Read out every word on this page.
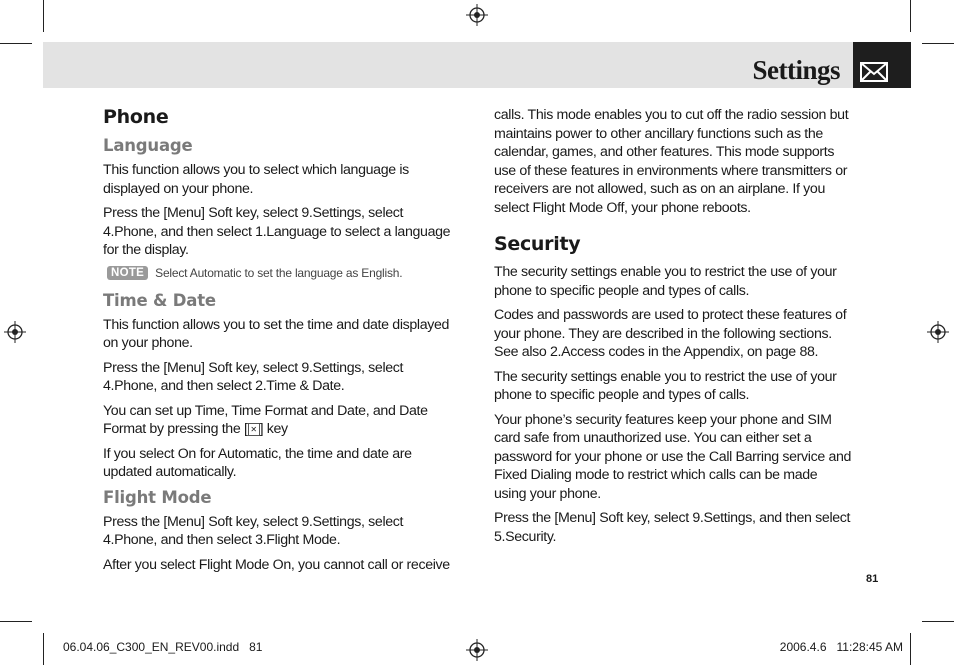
Settings
Phone
Language

This function allows you to select which language is displayed on your phone.

Press the [Menu] Soft key, select 9.Settings, select 4.Phone, and then select 1.Language to select a language for the display.

NOTE Select Automatic to set the language as English.
Time & Date

This function allows you to set the time and date displayed on your phone.

Press the [Menu] Soft key, select 9.Settings, select 4.Phone, and then select 2.Time & Date.

You can set up Time, Time Format and Date, and Date
Format by pressing the [ ✕ ] key

If you select On for Automatic, the time and date are updated automatically.

Flight Mode

Press the [Menu] Soft key, select 9.Settings, select 4.Phone, and then select 3.Flight Mode.

After you select Flight Mode On, you cannot call or receive

calls. This mode enables you to cut off the radio session but maintains power to other ancillary functions such as the calendar, games, and other features. This mode supports use of these features in environments where transmitters or receivers are not allowed, such as on an airplane. If you select Flight Mode Off, your phone reboots.

Security

The security settings enable you to restrict the use of your phone to specific people and types of calls.

Codes and passwords are used to protect these features of your phone. They are described in the following sections. See also 2.Access codes in the Appendix, on page 88.

The security settings enable you to restrict the use of your phone to specific people and types of calls.

Your phone’s security features keep your phone and SIM card safe from unauthorized use. You can either set a password for your phone or use the Call Barring service and Fixed Dialing mode to restrict which calls can be made using your phone.

Press the [Menu] Soft key, select 9.Settings, and then select 5.Security.

81
06.04.06_C300_EN_REV00.indd   81	2006.4.6   11:28:45 AM
